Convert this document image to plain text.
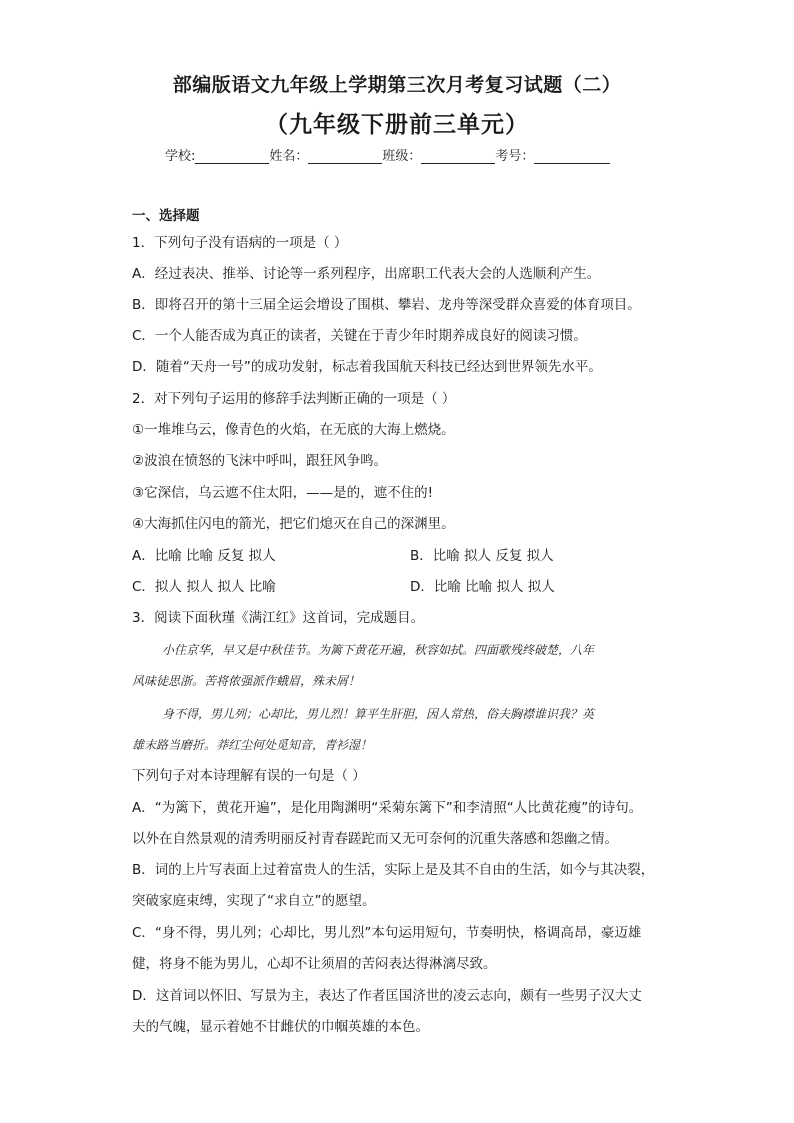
部编版语文九年级上学期第三次月考复习试题（二）
（九年级下册前三单元）
学校:	姓名：	班级：	考号：
一、选择题
1．下列句子没有语病的一项是（ ）
A．经过表决、推举、讨论等一系列程序，出席职工代表大会的人选顺利产生。
B．即将召开的第十三届全运会增设了围棋、攀岩、龙舟等深受群众喜爱的体育项目。
C．一个人能否成为真正的读者，关键在于青少年时期养成良好的阅读习惯。
D．随着“天舟一号”的成功发射，标志着我国航天科技已经达到世界领先水平。
2．对下列句子运用的修辞手法判断正确的一项是（ ）
①一堆堆乌云，像青色的火焰，在无底的大海上燃烧。
②波浪在愤怒的飞沫中呼叫，跟狂风争鸣。
③它深信，乌云遮不住太阳，——是的，遮不住的!
④大海抓住闪电的箭光，把它们熄灭在自己的深渊里。
A．比喻 比喻 反复 拟人	B．比喻 拟人 反复 拟人
C．拟人 拟人 拟人 比喻	D．比喻 比喻 拟人 拟人
3．阅读下面秋瑾《满江红》这首词，完成题目。
小住京华，早又是中秋佳节。为篱下黄花开遍，秋容如拭。四面歌残终破楚，八年
风味徒思浙。苦将侬强派作蛾眉，殊未屑！
身不得，男儿列；心却比，男儿烈！算平生肝胆，因人常热，俗夫胸襟谁识我？英
雄末路当磨折。莽红尘何处觅知音，青衫湿！
下列句子对本诗理解有误的一句是（ ）
A．“为篱下，黄花开遍”，是化用陶渊明“采菊东篱下”和李清照“人比黄花瘦”的诗句。
以外在自然景观的清秀明丽反衬青春蹉跎而又无可奈何的沉重失落感和怨幽之情。
B．词的上片写表面上过着富贵人的生活，实际上是及其不自由的生活，如今与其决裂，
突破家庭束缚，实现了“求自立”的愿望。
C．“身不得，男儿列；心却比，男儿烈”本句运用短句，节奏明快，格调高昂，豪迈雄
健，将身不能为男儿，心却不让须眉的苦闷表达得淋漓尽致。
D．这首词以怀旧、写景为主，表达了作者匡国济世的凌云志向，颇有一些男子汉大丈
夫的气魄，显示着她不甘雌伏的巾帼英雄的本色。
